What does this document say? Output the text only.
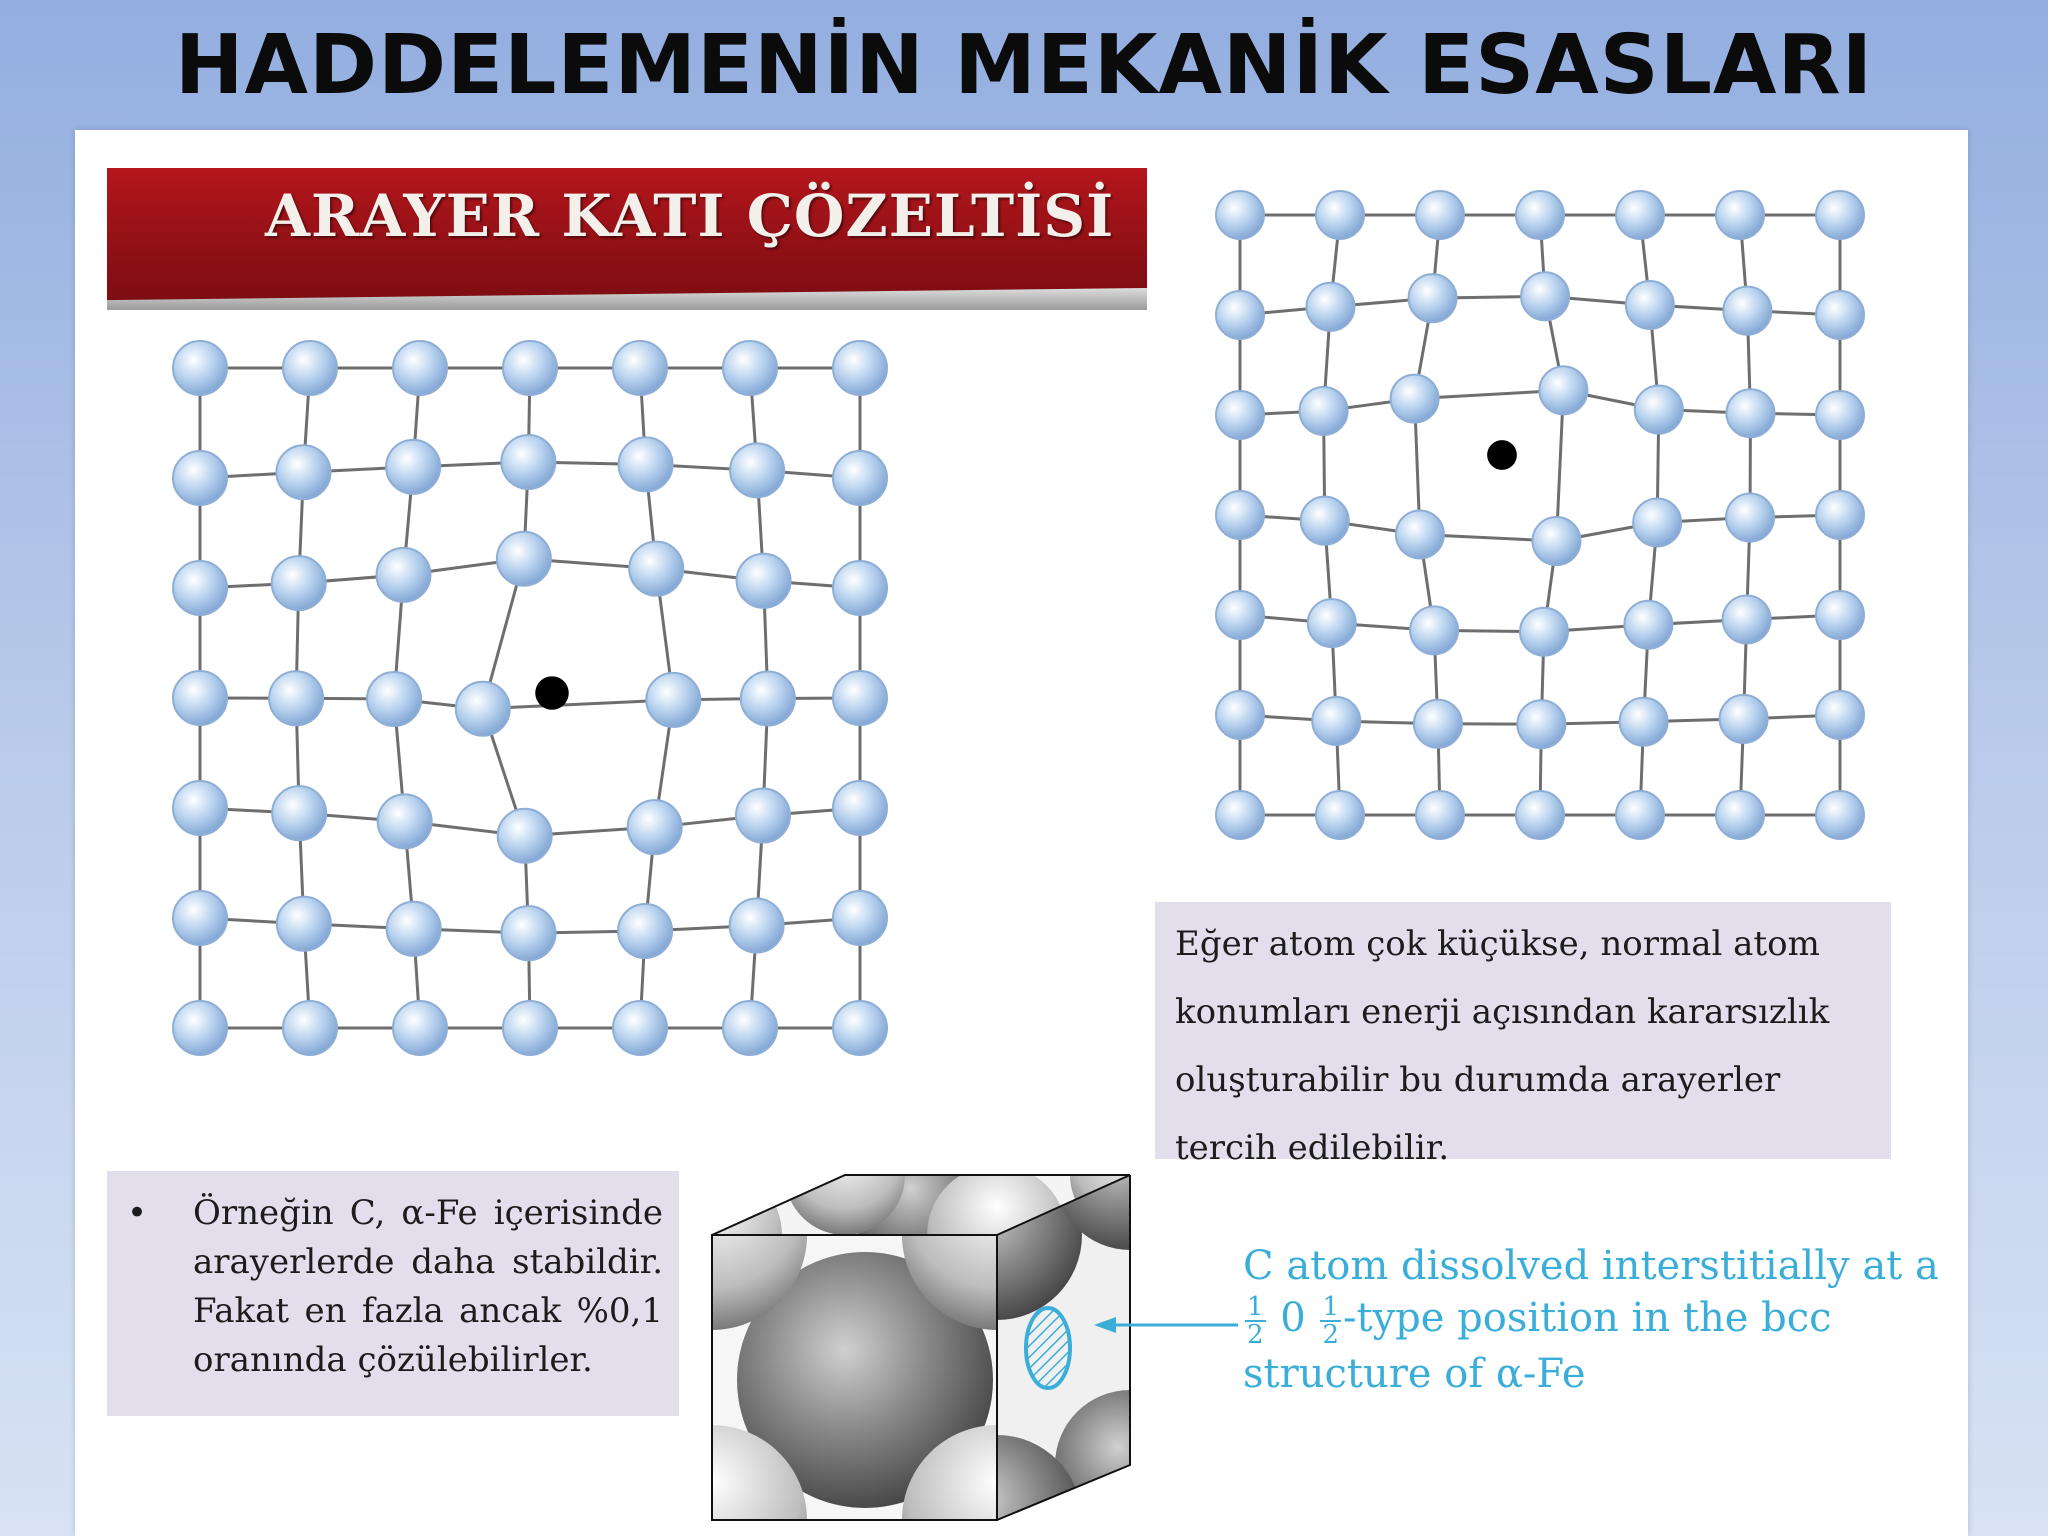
HADDELEMENİN MEKANİK ESASLARI
ARAYER KATI ÇÖZELTİSİ

Eğer atom çok küçükse, normal atom

konumları enerji açısından kararsızlık

oluşturabilir bu durumda arayerler

tercih edilebilir.

• Örneğin C, α-Fe içerisinde

arayerlerde daha stabildir.

Fakat en fazla ancak %0,1

oranında çözülebilirler.

C atom dissolved interstitially at a

$\frac{1}{2} 0 \frac{1}{2}$ -type position in the bcc

structure of α-Fe
